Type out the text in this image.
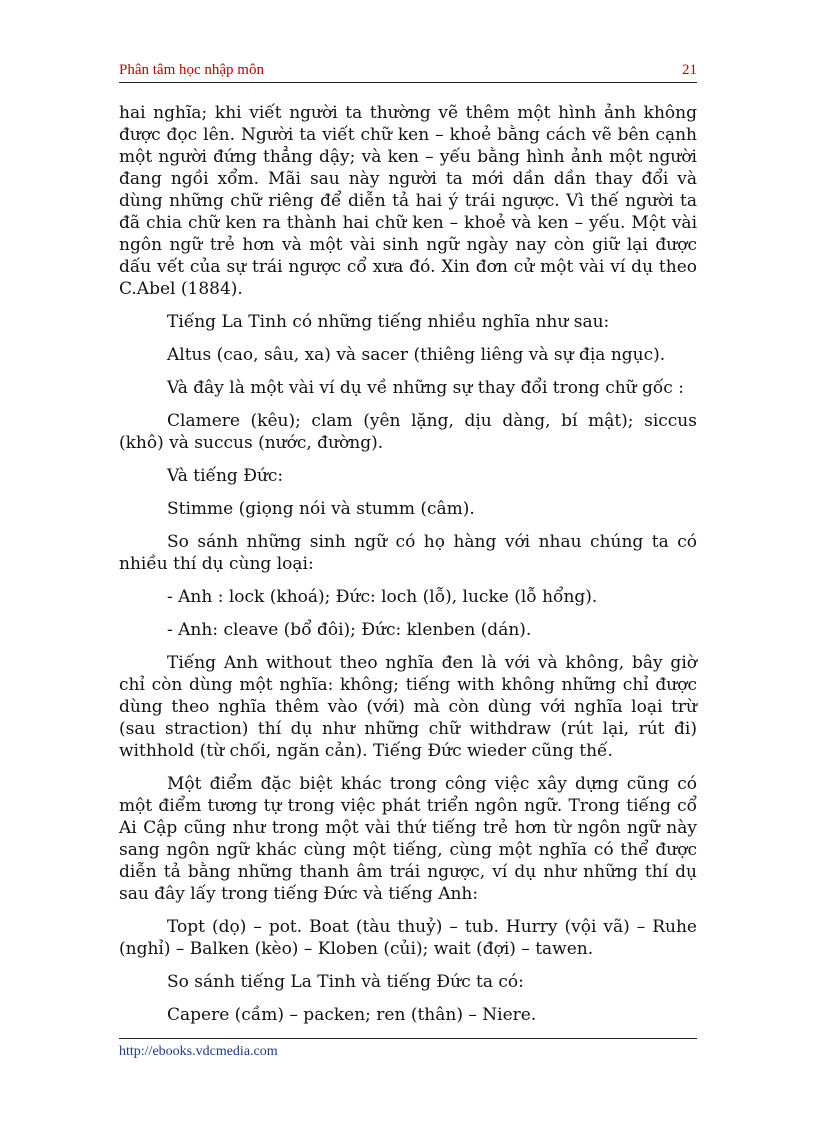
Phân tâm học nhập môn	21

hai nghĩa; khi viết người ta thường vẽ thêm một hình ảnh không được đọc lên. Người ta viết chữ ken – khoẻ bằng cách vẽ bên cạnh một người đứng thẳng dậy; và ken – yếu bằng hình ảnh một người đang ngồi xổm. Mãi sau này người ta mới dần dần thay đổi và dùng những chữ riêng để diễn tả hai ý trái ngược. Vì thế người ta đã chia chữ ken ra thành hai chữ ken – khoẻ và ken – yếu. Một vài ngôn ngữ trẻ hơn và một vài sinh ngữ ngày nay còn giữ lại được dấu vết của sự trái ngược cổ xưa đó. Xin đơn cử một vài ví dụ theo C.Abel (1884).

Tiếng La Tinh có những tiếng nhiều nghĩa như sau:

Altus (cao, sâu, xa) và sacer (thiêng liêng và sự địa ngục).

Và đây là một vài ví dụ về những sự thay đổi trong chữ gốc :

Clamere (kêu); clam (yên lặng, dịu dàng, bí mật); siccus (khô) và succus (nước, đường).

Và tiếng Đức:

Stimme (giọng nói và stumm (câm).

So sánh những sinh ngữ có họ hàng với nhau chúng ta có nhiều thí dụ cùng loại:

- Anh : lock (khoá); Đức: loch (lỗ), lucke (lỗ hổng).

- Anh: cleave (bổ đôi); Đức: klenben (dán).

Tiếng Anh without theo nghĩa đen là với và không, bây giờ chỉ còn dùng một nghĩa: không; tiếng with không những chỉ được dùng theo nghĩa thêm vào (với) mà còn dùng với nghĩa loại trừ (sau straction) thí dụ như những chữ withdraw (rút lại, rút đi) withhold (từ chối, ngăn cản). Tiếng Đức wieder cũng thế.

Một điểm đặc biệt khác trong công việc xây dựng cũng có một điểm tương tự trong việc phát triển ngôn ngữ. Trong tiếng cổ Ai Cập cũng như trong một vài thứ tiếng trẻ hơn từ ngôn ngữ này sang ngôn ngữ khác cùng một tiếng, cùng một nghĩa có thể được diễn tả bằng những thanh âm trái ngược, ví dụ như những thí dụ sau đây lấy trong tiếng Đức và tiếng Anh:

Topt (dọ) – pot. Boat (tàu thuỷ) – tub. Hurry (vội vã) – Ruhe (nghỉ) – Balken (kèo) – Kloben (củi); wait (đợi) – tawen.

So sánh tiếng La Tinh và tiếng Đức ta có:

Capere (cầm) – packen; ren (thân) – Niere.

http://ebooks.vdcmedia.com
